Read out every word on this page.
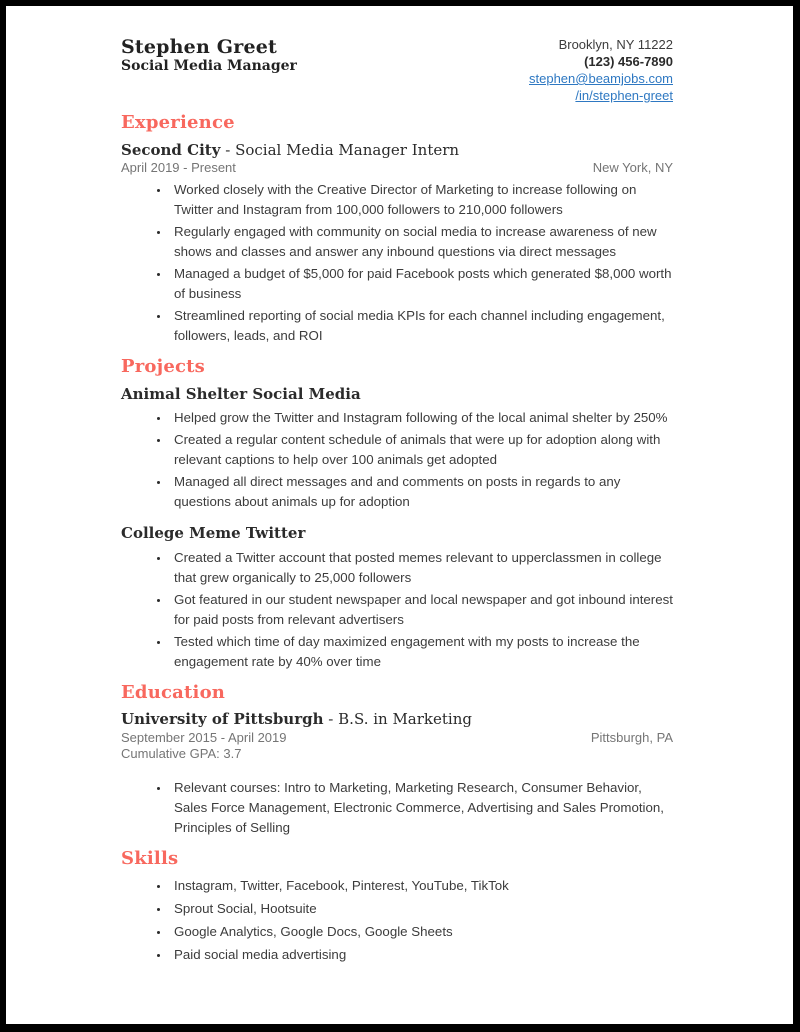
Stephen Greet
Social Media Manager
Brooklyn, NY 11222
(123) 456-7890
stephen@beamjobs.com
/in/stephen-greet
Experience
Second City - Social Media Manager Intern
April 2019 - Present	New York, NY
• Worked closely with the Creative Director of Marketing to increase following on Twitter and Instagram from 100,000 followers to 210,000 followers
• Regularly engaged with community on social media to increase awareness of new shows and classes and answer any inbound questions via direct messages
• Managed a budget of $5,000 for paid Facebook posts which generated $8,000 worth of business
• Streamlined reporting of social media KPIs for each channel including engagement, followers, leads, and ROI
Projects
Animal Shelter Social Media
• Helped grow the Twitter and Instagram following of the local animal shelter by 250%
• Created a regular content schedule of animals that were up for adoption along with relevant captions to help over 100 animals get adopted
• Managed all direct messages and and comments on posts in regards to any questions about animals up for adoption
College Meme Twitter
• Created a Twitter account that posted memes relevant to upperclassmen in college that grew organically to 25,000 followers
• Got featured in our student newspaper and local newspaper and got inbound interest for paid posts from relevant advertisers
• Tested which time of day maximized engagement with my posts to increase the engagement rate by 40% over time
Education
University of Pittsburgh - B.S. in Marketing
September 2015 - April 2019	Pittsburgh, PA
Cumulative GPA: 3.7
• Relevant courses: Intro to Marketing, Marketing Research, Consumer Behavior, Sales Force Management, Electronic Commerce, Advertising and Sales Promotion, Principles of Selling
Skills
• Instagram, Twitter, Facebook, Pinterest, YouTube, TikTok
• Sprout Social, Hootsuite
• Google Analytics, Google Docs, Google Sheets
• Paid social media advertising
